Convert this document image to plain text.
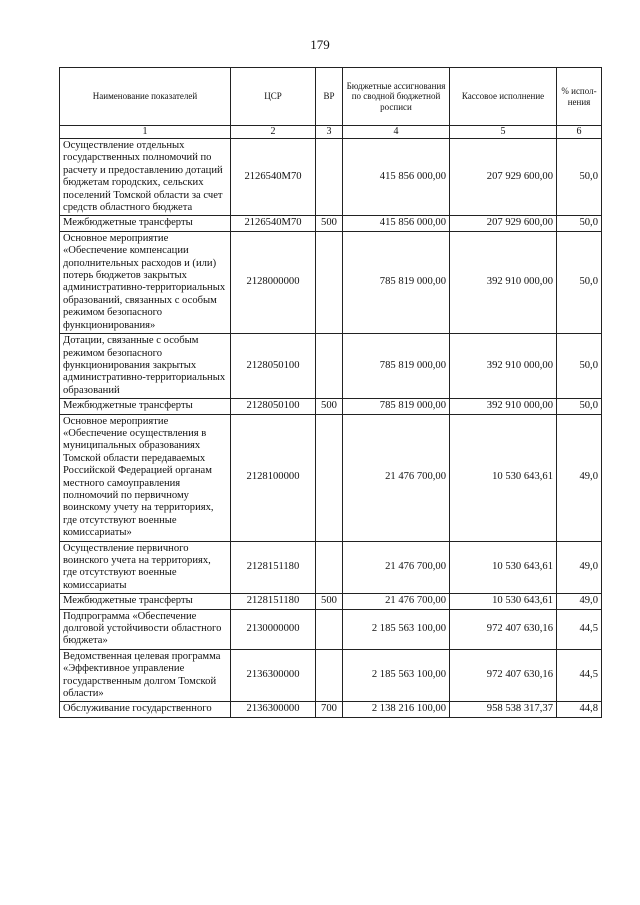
179
Наименование показателей	ЦСР	ВР	Бюджетные ассигнования по сводной бюджетной росписи	Кассовое исполнение	% испол-нения
1	2	3	4	5	6
Осуществление отдельных государственных полномочий по расчету и предоставлению дотаций бюджетам городских, сельских поселений Томской области за счет средств областного бюджета	2126540M70		415 856 000,00	207 929 600,00	50,0
Межбюджетные трансферты	2126540M70	500	415 856 000,00	207 929 600,00	50,0
Основное мероприятие «Обеспечение компенсации дополнительных расходов и (или) потерь бюджетов закрытых административно-территориальных образований, связанных с особым режимом безопасного функционирования»	2128000000		785 819 000,00	392 910 000,00	50,0
Дотации, связанные с особым режимом безопасного функционирования закрытых административно-территориальных образований	2128050100		785 819 000,00	392 910 000,00	50,0
Межбюджетные трансферты	2128050100	500	785 819 000,00	392 910 000,00	50,0
Основное мероприятие «Обеспечение осуществления в муниципальных образованиях Томской области передаваемых Российской Федерацией органам местного самоуправления полномочий по первичному воинскому учету на территориях, где отсутствуют военные комиссариаты»	2128100000		21 476 700,00	10 530 643,61	49,0
Осуществление первичного воинского учета на территориях, где отсутствуют военные комиссариаты	2128151180		21 476 700,00	10 530 643,61	49,0
Межбюджетные трансферты	2128151180	500	21 476 700,00	10 530 643,61	49,0
Подпрограмма «Обеспечение долговой устойчивости областного бюджета»	2130000000		2 185 563 100,00	972 407 630,16	44,5
Ведомственная целевая программа «Эффективное управление государственным долгом Томской области»	2136300000		2 185 563 100,00	972 407 630,16	44,5
Обслуживание государственного	2136300000	700	2 138 216 100,00	958 538 317,37	44,8
